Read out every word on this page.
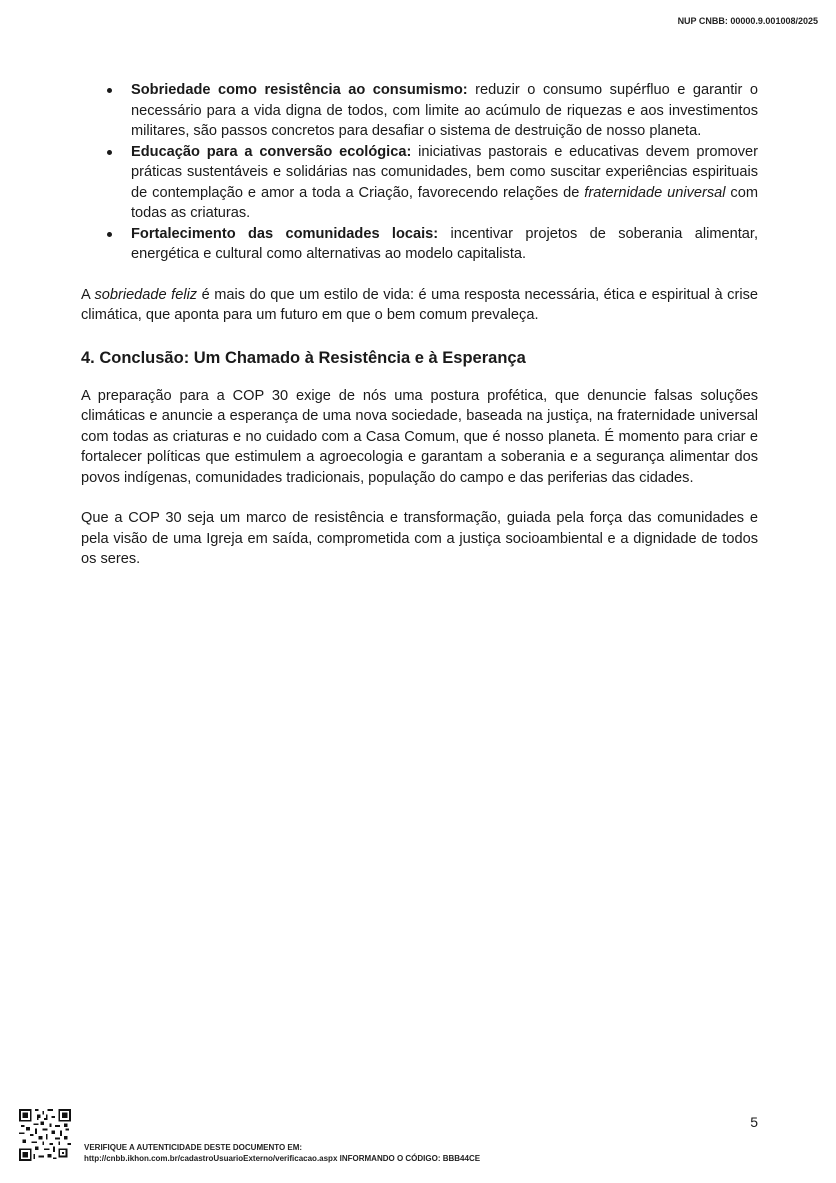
NUP CNBB: 00000.9.001008/2025
Sobriedade como resistência ao consumismo: reduzir o consumo supérfluo e garantir o necessário para a vida digna de todos, com limite ao acúmulo de riquezas e aos investimentos militares, são passos concretos para desafiar o sistema de destruição de nosso planeta.
Educação para a conversão ecológica: iniciativas pastorais e educativas devem promover práticas sustentáveis e solidárias nas comunidades, bem como suscitar experiências espirituais de contemplação e amor a toda a Criação, favorecendo relações de fraternidade universal com todas as criaturas.
Fortalecimento das comunidades locais: incentivar projetos de soberania alimentar, energética e cultural como alternativas ao modelo capitalista.

A sobriedade feliz é mais do que um estilo de vida: é uma resposta necessária, ética e espiritual à crise climática, que aponta para um futuro em que o bem comum prevaleça.

4. Conclusão: Um Chamado à Resistência e à Esperança

A preparação para a COP 30 exige de nós uma postura profética, que denuncie falsas soluções climáticas e anuncie a esperança de uma nova sociedade, baseada na justiça, na fraternidade universal com todas as criaturas e no cuidado com a Casa Comum, que é nosso planeta. É momento para criar e fortalecer políticas que estimulem a agroecologia e garantam a soberania e a segurança alimentar dos povos indígenas, comunidades tradicionais, população do campo e das periferias das cidades.

Que a COP 30 seja um marco de resistência e transformação, guiada pela força das comunidades e pela visão de uma Igreja em saída, comprometida com a justiça socioambiental e a dignidade de todos os seres.

5
VERIFIQUE A AUTENTICIDADE DESTE DOCUMENTO EM:
http://cnbb.ikhon.com.br/cadastroUsuarioExterno/verificacao.aspx INFORMANDO O CÓDIGO: BBB44CE
